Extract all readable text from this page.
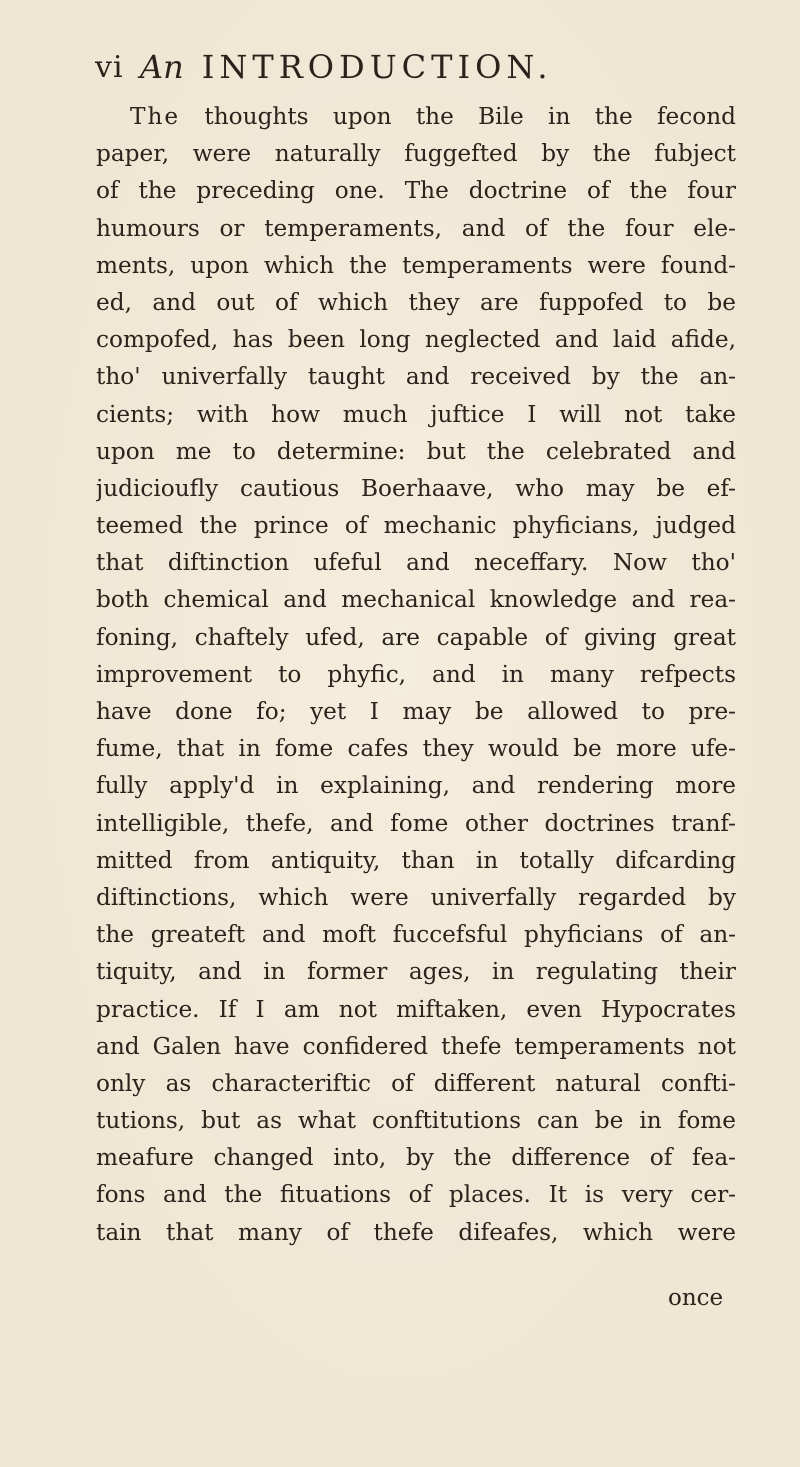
vi An INTRODUCTION.
The thoughts upon the Bile in the fecond
paper, were naturally fuggefted by the fubject
of the preceding one. The doctrine of the four
humours or temperaments, and of the four ele-
ments, upon which the temperaments were found-
ed, and out of which they are fuppofed to be
compofed, has been long neglected and laid afide,
tho' univerfally taught and received by the an-
cients; with how much juftice I will not take
upon me to determine: but the celebrated and
judicioufly cautious Boerhaave, who may be ef-
teemed the prince of mechanic phyficians, judged
that diftinction ufeful and neceffary. Now tho'
both chemical and mechanical knowledge and rea-
foning, chaftely ufed, are capable of giving great
improvement to phyfic, and in many refpects
have done fo; yet I may be allowed to pre-
fume, that in fome cafes they would be more ufe-
fully apply'd in explaining, and rendering more
intelligible, thefe, and fome other doctrines tranf-
mitted from antiquity, than in totally difcarding
diftinctions, which were univerfally regarded by
the greateft and moft fuccefsful phyficians of an-
tiquity, and in former ages, in regulating their
practice. If I am not miftaken, even Hypocrates
and Galen have confidered thefe temperaments not
only as characteriftic of different natural confti-
tutions, but as what conftitutions can be in fome
meafure changed into, by the difference of fea-
fons and the fituations of places. It is very cer-
tain that many of thefe difeafes, which were
once
